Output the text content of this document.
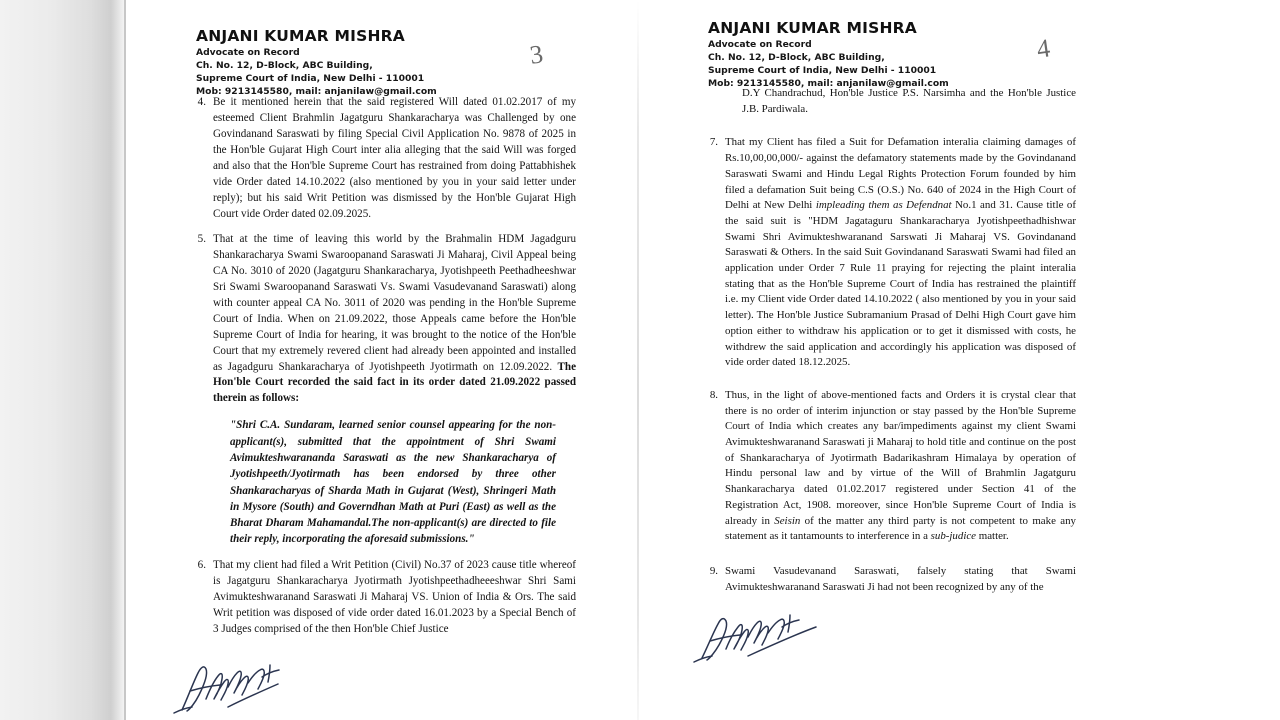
ANJANI KUMAR MISHRA
Advocate on Record
Ch. No. 12, D-Block, ABC Building,
Supreme Court of India, New Delhi - 110001
Mob: 9213145580, mail: anjanilaw@gmail.com
3
4. Be it mentioned herein that the said registered Will dated 01.02.2017 of my esteemed Client Brahmlin Jagatguru Shankaracharya was Challenged by one Govindanand Saraswati by filing Special Civil Application No. 9878 of 2025 in the Hon'ble Gujarat High Court inter alia alleging that the said Will was forged and also that the Hon'ble Supreme Court has restrained from doing Pattabhishek vide Order dated 14.10.2022 (also mentioned by you in your said letter under reply); but his said Writ Petition was dismissed by the Hon'ble Gujarat High Court vide Order dated 02.09.2025.
5. That at the time of leaving this world by the Brahmalin HDM Jagadguru Shankaracharya Swami Swaroopanand Saraswati Ji Maharaj, Civil Appeal being CA No. 3010 of 2020 (Jagatguru Shankaracharya, Jyotishpeeth Peethadheeshwar Sri Swami Swaroopanand Saraswati Vs. Swami Vasudevanand Saraswati) along with counter appeal CA No. 3011 of 2020 was pending in the Hon'ble Supreme Court of India. When on 21.09.2022, those Appeals came before the Hon'ble Supreme Court of India for hearing, it was brought to the notice of the Hon'ble Court that my extremely revered client had already been appointed and installed as Jagadguru Shankaracharya of Jyotishpeeth Jyotirmath on 12.09.2022. The Hon'ble Court recorded the said fact in its order dated 21.09.2022 passed therein as follows:
"Shri C.A. Sundaram, learned senior counsel appearing for the non-applicant(s), submitted that the appointment of Shri Swami Avimukteshwarananda Saraswati as the new Shankaracharya of Jyotishpeeth/Jyotirmath has been endorsed by three other Shankaracharyas of Sharda Math in Gujarat (West), Shringeri Math in Mysore (South) and Governdhan Math at Puri (East) as well as the Bharat Dharam Mahamandal.The non-applicant(s) are directed to file their reply, incorporating the aforesaid submissions."
6. That my client had filed a Writ Petition (Civil) No.37 of 2023 cause title whereof is Jagatguru Shankaracharya Jyotirmath Jyotishpeethadheeeshwar Shri Sami Avimukteshwaranand Saraswati Ji Maharaj VS. Union of India & Ors. The said Writ petition was disposed of vide order dated 16.01.2023 by a Special Bench of 3 Judges comprised of the then Hon'ble Chief Justice
ANJANI KUMAR MISHRA
Advocate on Record
Ch. No. 12, D-Block, ABC Building,
Supreme Court of India, New Delhi - 110001
Mob: 9213145580, mail: anjanilaw@gmail.com
4
D.Y Chandrachud, Hon'ble Justice P.S. Narsimha and the Hon'ble Justice J.B. Pardiwala.
7. That my Client has filed a Suit for Defamation interalia claiming damages of Rs.10,00,00,000/- against the defamatory statements made by the Govindanand Saraswati Swami and Hindu Legal Rights Protection Forum founded by him filed a defamation Suit being C.S (O.S.) No. 640 of 2024 in the High Court of Delhi at New Delhi impleading them as Defendnat No.1 and 31. Cause title of the said suit is "HDM Jagataguru Shankaracharya Jyotishpeethadhishwar Swami Shri Avimukteshwaranand Sarswati Ji Maharaj VS. Govindanand Saraswati & Others. In the said Suit Govindanand Saraswati Swami had filed an application under Order 7 Rule 11 praying for rejecting the plaint interalia stating that as the Hon'ble Supreme Court of India has restrained the plaintiff i.e. my Client vide Order dated 14.10.2022 ( also mentioned by you in your said letter). The Hon'ble Justice Subramanium Prasad of Delhi High Court gave him option either to withdraw his application or to get it dismissed with costs, he withdrew the said application and accordingly his application was disposed of vide order dated 18.12.2025.
8. Thus, in the light of above-mentioned facts and Orders it is crystal clear that there is no order of interim injunction or stay passed by the Hon'ble Supreme Court of India which creates any bar/impediments against my client Swami Avimukteshwaranand Saraswati ji Maharaj to hold title and continue on the post of Shankaracharya of Jyotirmath Badarikashram Himalaya by operation of Hindu personal law and by virtue of the Will of Brahmlin Jagatguru Shankaracharya dated 01.02.2017 registered under Section 41 of the Registration Act, 1908. moreover, since Hon'ble Supreme Court of India is already in Seisin of the matter any third party is not competent to make any statement as it tantamounts to interference in a sub-judice matter.
9. Swami Vasudevanand Saraswati, falsely stating that Swami Avimukteshwaranand Saraswati Ji had not been recognized by any of the
